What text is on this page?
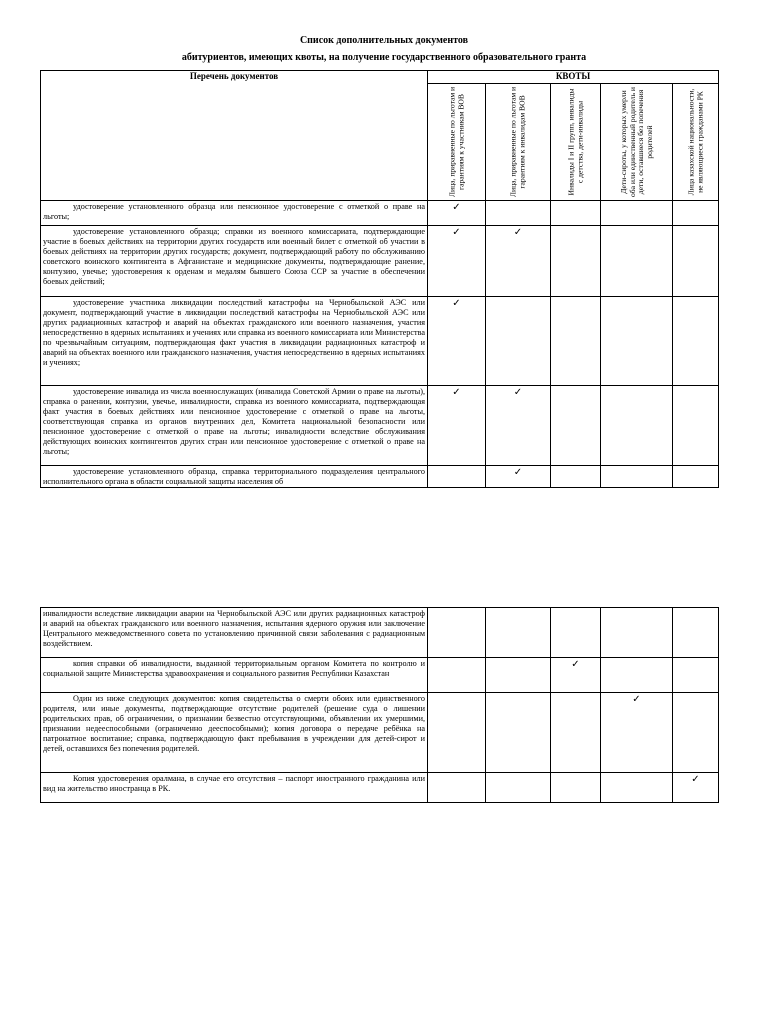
Список дополнительных документов
абитуриентов, имеющих квоты, на получение государственного образовательного гранта
Перечень документов	КВОТЫ				

	Лица, приравненные по льготам и гарантиям к участникам ВОВ	Лица, приравненные по льготам и гарантиям к инвалидам ВОВ	Инвалиды I и II групп, инвалиды с детства, дети-инвалиды	Дети-сироты, у которых умерли оба или единственный родитель и дети, оставшиеся без попечения родителей	Лица казахской национальности, не являющиеся гражданами РК

удостоверение установленного образца или пенсионное удостоверение с отметкой о праве на льготы;	✓				

удостоверение установленного образца; справки из военного комиссариата, подтверждающие участие в боевых действиях на территории других государств или военный билет с отметкой об участии в боевых действиях на территории других государств; документ, подтверждающий работу по обслуживанию советского воинского контингента в Афганистане и медицинские документы, подтверждающие ранение, контузию, увечье; удостоверения к орденам и медалям бывшего Союза ССР за участие в обеспечении боевых действий;	✓	✓			

удостоверение участника ликвидации последствий катастрофы на Чернобыльской АЭС или документ, подтверждающий участие в ликвидации последствий катастрофы на Чернобыльской АЭС или других радиационных катастроф и аварий на объектах гражданского или военного назначения, участия непосредственно в ядерных испытаниях и учениях или справка из военного комиссариата или Министерства по чрезвычайным ситуациям, подтверждающая факт участия в ликвидации радиационных катастроф и аварий на объектах военного или гражданского назначения, участия непосредственно в ядерных испытаниях и учениях;	✓				

удостоверение инвалида из числа военнослужащих (инвалида Советской Армии о праве на льготы), справка о ранении, контузии, увечье, инвалидности, справка из военного комиссариата, подтверждающая факт участия в боевых действиях или пенсионное удостоверение с отметкой о праве на льготы, соответствующая справка из органов внутренних дел, Комитета национальной безопасности или пенсионное удостоверение с отметкой о праве на льготы; инвалидности вследствие обслуживания действующих воинских контингентов других стран или пенсионное удостоверение с отметкой о праве на льготы;	✓	✓			

удостоверение установленного образца, справка территориального подразделения центрального исполнительного органа в области социальной защиты населения об		✓			
инвалидности вследствие ликвидации аварии на Чернобыльской АЭС или других радиационных катастроф и аварий на объектах гражданского или военного назначения, испытания ядерного оружия или заключение Центрального межведомственного совета по установлению причинной связи заболевания с радиационным воздействием.					

копия справки об инвалидности, выданной территориальным органом Комитета по контролю и социальной защите Министерства здравоохранения и социального развития Республики Казахстан			✓		

Один из ниже следующих документов: копия свидетельства о смерти обоих или единственного родителя, или иные документы, подтверждающие отсутствие родителей (решение суда о лишении родительских прав, об ограничении, о признании безвестно отсутствующими, объявлении их умершими, признании недееспособными (ограниченно дееспособными); копия договора о передаче ребёнка на патронатное воспитание; справка, подтверждающую факт пребывания в учреждении для детей-сирот и детей, оставшихся без попечения родителей.				✓	

Копия удостоверения оралмана, в случае его отсутствия – паспорт иностранного гражданина или вид на жительство иностранца в РК.					✓
